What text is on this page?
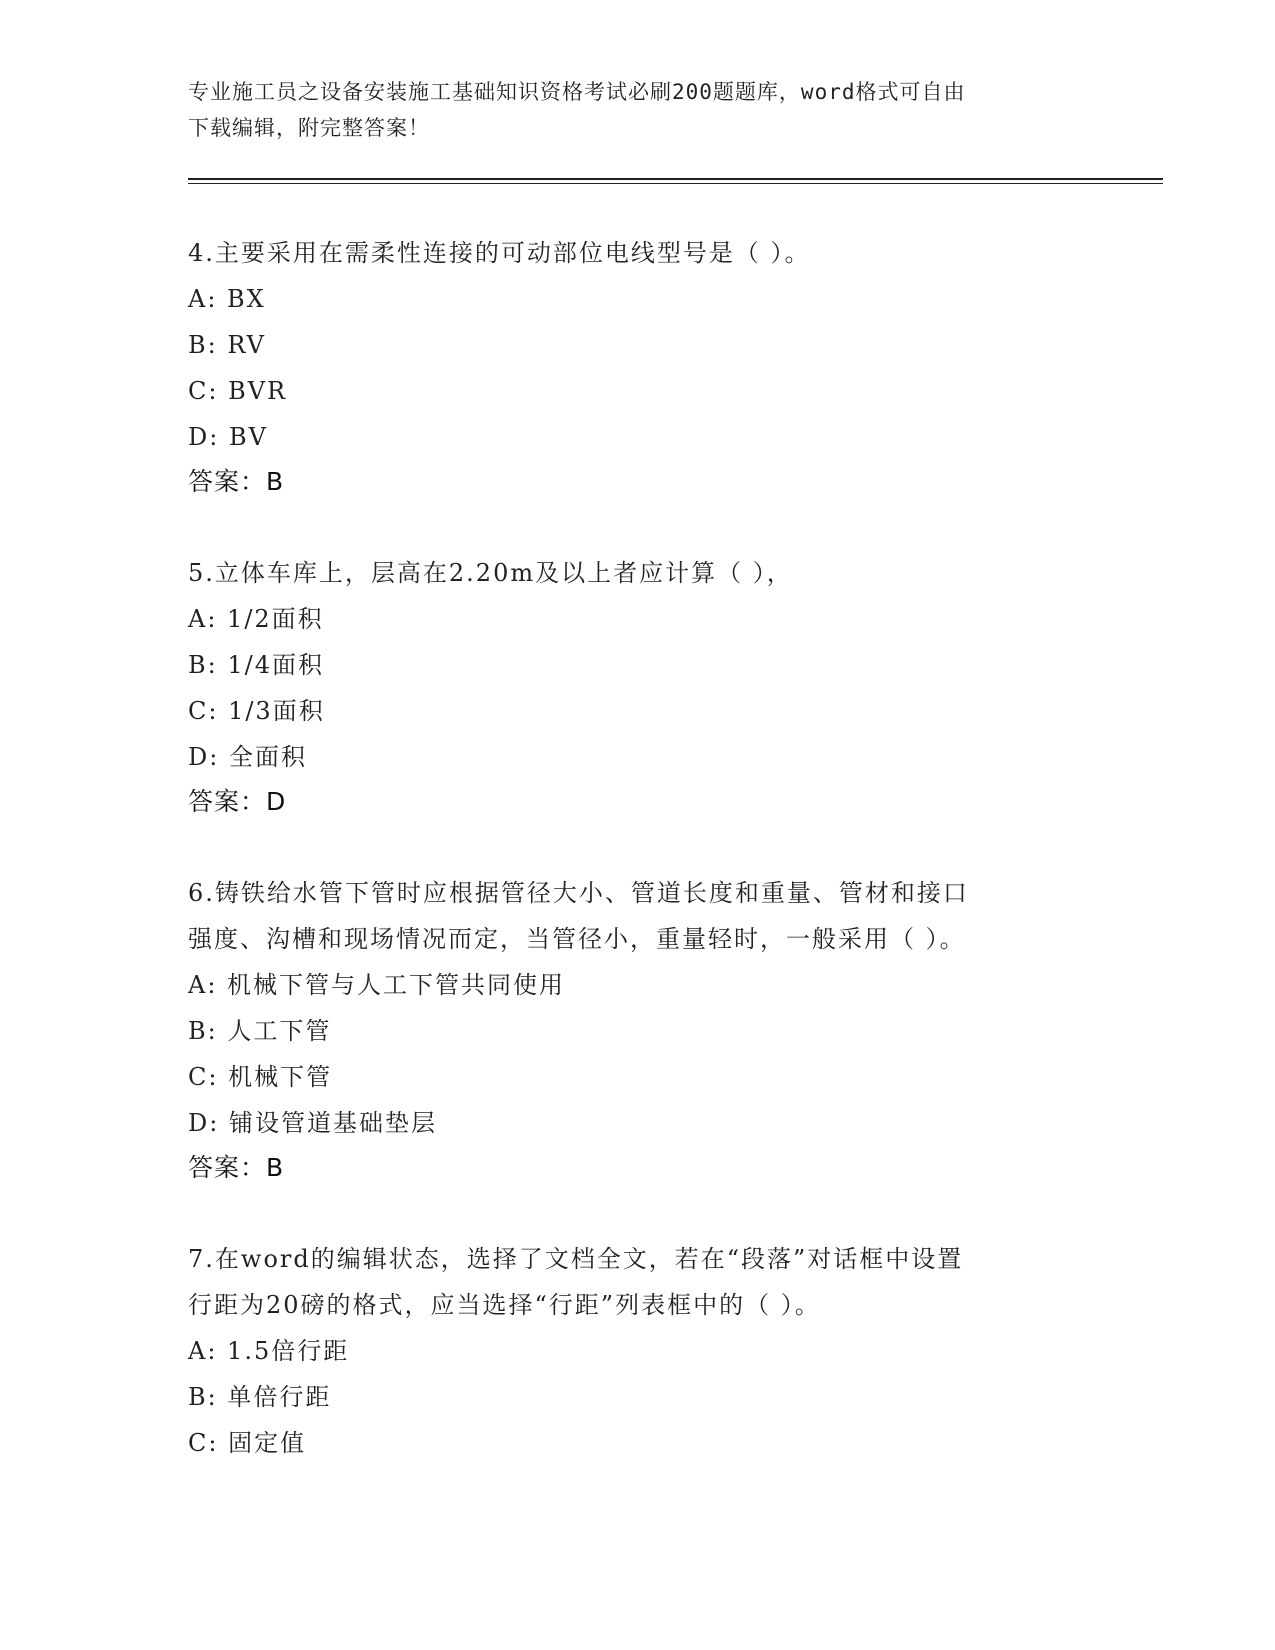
专业施工员之设备安装施工基础知识资格考试必刷200题题库，word格式可自由
下载编辑，附完整答案！
4.主要采用在需柔性连接的可动部位电线型号是（ ）。
A: BX
B: RV
C: BVR
D: BV
答案：B
5.立体车库上，层高在2.20m及以上者应计算（ ），
A: 1/2面积
B: 1/4面积
C: 1/3面积
D: 全面积
答案：D
6.铸铁给水管下管时应根据管径大小、管道长度和重量、管材和接口
强度、沟槽和现场情况而定，当管径小，重量轻时，一般采用（ ）。
A: 机械下管与人工下管共同使用
B: 人工下管
C: 机械下管
D: 铺设管道基础垫层
答案：B
7.在word的编辑状态，选择了文档全文，若在“段落”对话框中设置
行距为20磅的格式，应当选择“行距”列表框中的（ ）。
A: 1.5倍行距
B: 单倍行距
C: 固定值
